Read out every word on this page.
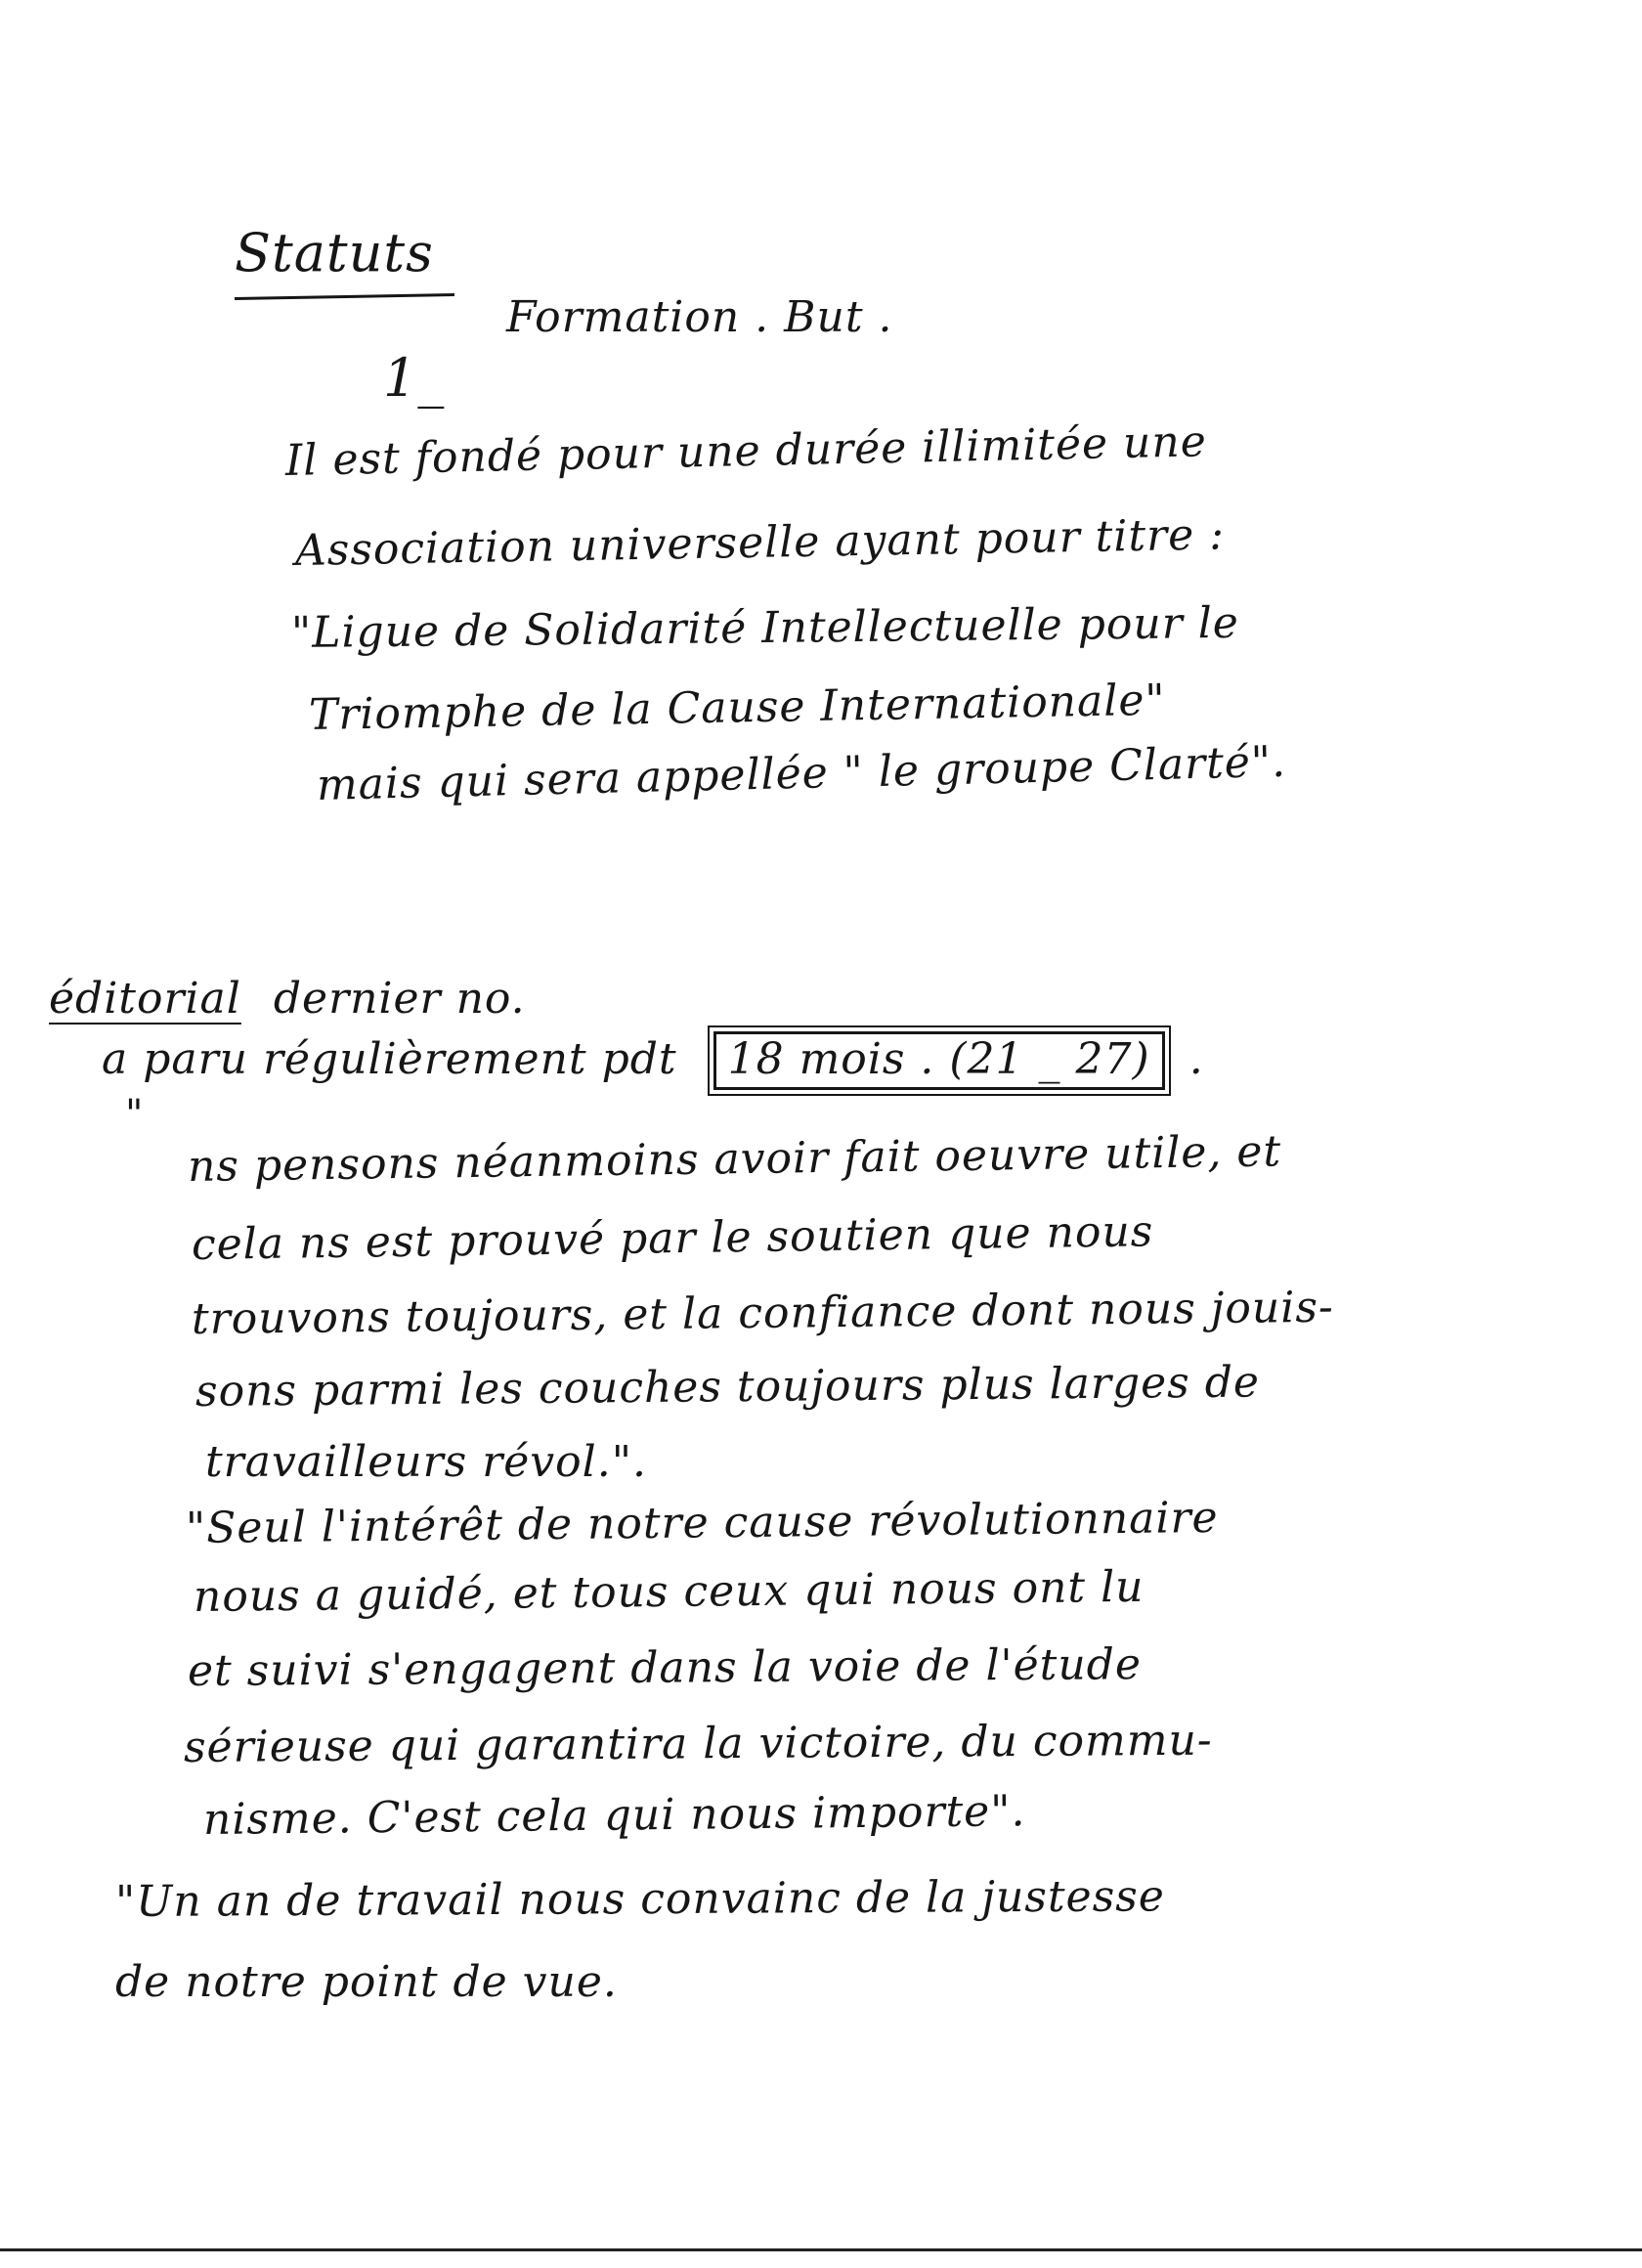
Statuts
Formation . But .
1_
Il est fondé pour une durée illimitée une
Association universelle ayant pour titre :
"Ligue de Solidarité Intellectuelle pour le
Triomphe de la Cause Internationale"
mais qui sera appellée " le groupe Clarté".
éditorial dernier no.
a paru régulièrement pdt 18 mois . (21 _ 27) .
"
ns pensons néanmoins avoir fait oeuvre utile, et
cela ns est prouvé par le soutien que nous
trouvons toujours, et la confiance dont nous jouis-
sons parmi les couches toujours plus larges de
travailleurs révol.".
"Seul l'intérêt de notre cause révolutionnaire
nous a guidé, et tous ceux qui nous ont lu
et suivi s'engagent dans la voie de l'étude
sérieuse qui garantira la victoire, du commu-
nisme. C'est cela qui nous importe".
"Un an de travail nous convainc de la justesse
de notre point de vue.
